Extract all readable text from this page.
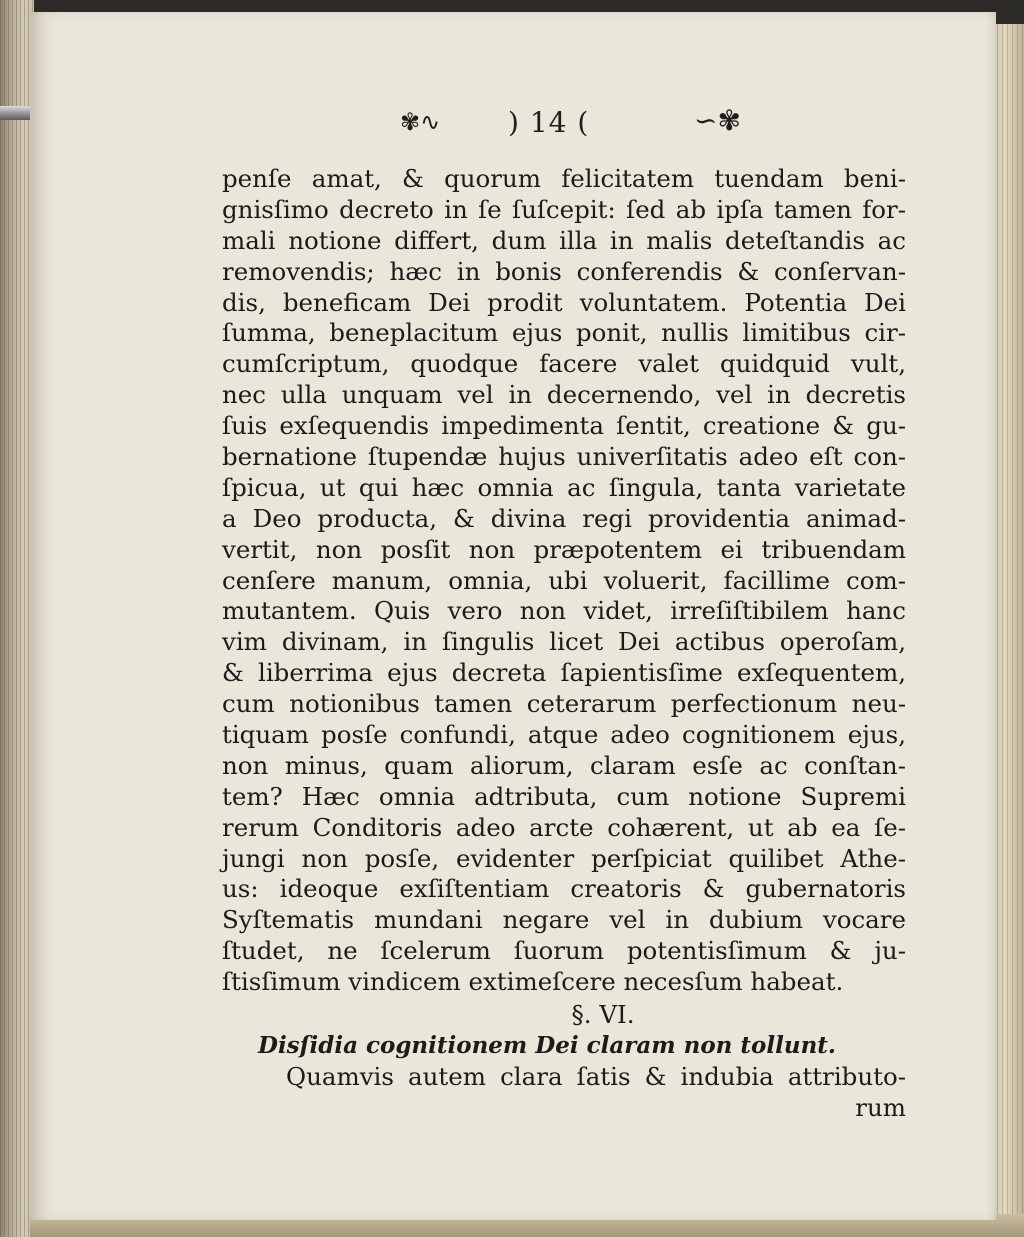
✾∿ ) 14 (	∽✾
penſe amat, & quorum felicitatem tuendam beni-
gnisſimo decreto in ſe ſuſcepit: ſed ab ipſa tamen for-
mali notione differt, dum illa in malis deteſtandis ac
removendis; hæc in bonis conferendis & conſervan-
dis, beneficam Dei prodit voluntatem. Potentia Dei
ſumma, beneplacitum ejus ponit, nullis limitibus cir-
cumſcriptum, quodque facere valet quidquid vult,
nec ulla unquam vel in decernendo, vel in decretis
ſuis exſequendis impedimenta ſentit, creatione & gu-
bernatione ſtupendæ hujus univerſitatis adeo eſt con-
ſpicua, ut qui hæc omnia ac ſingula, tanta varietate
a Deo producta, & divina regi providentia animad-
vertit, non posſit non præpotentem ei tribuendam
cenſere manum, omnia, ubi voluerit, facillime com-
mutantem. Quis vero non videt, irreſiſtibilem hanc
vim divinam, in ſingulis licet Dei actibus operoſam,
& liberrima ejus decreta ſapientisſime exſequentem,
cum notionibus tamen ceterarum perfectionum neu-
tiquam posſe confundi, atque adeo cognitionem ejus,
non minus, quam aliorum, claram esſe ac conſtan-
tem? Hæc omnia adtributa, cum notione Supremi
rerum Conditoris adeo arcte cohærent, ut ab ea ſe-
jungi non posſe, evidenter perſpiciat quilibet Athe-
us: ideoque exſiſtentiam creatoris & gubernatoris
Syſtematis mundani negare vel in dubium vocare
ſtudet, ne ſcelerum ſuorum potentisſimum & ju-
ſtisſimum vindicem extimeſcere necesſum habeat.
§. VI.
Disſidia cognitionem Dei claram non tollunt.
Quamvis autem clara ſatis & indubia attributo-
rum
